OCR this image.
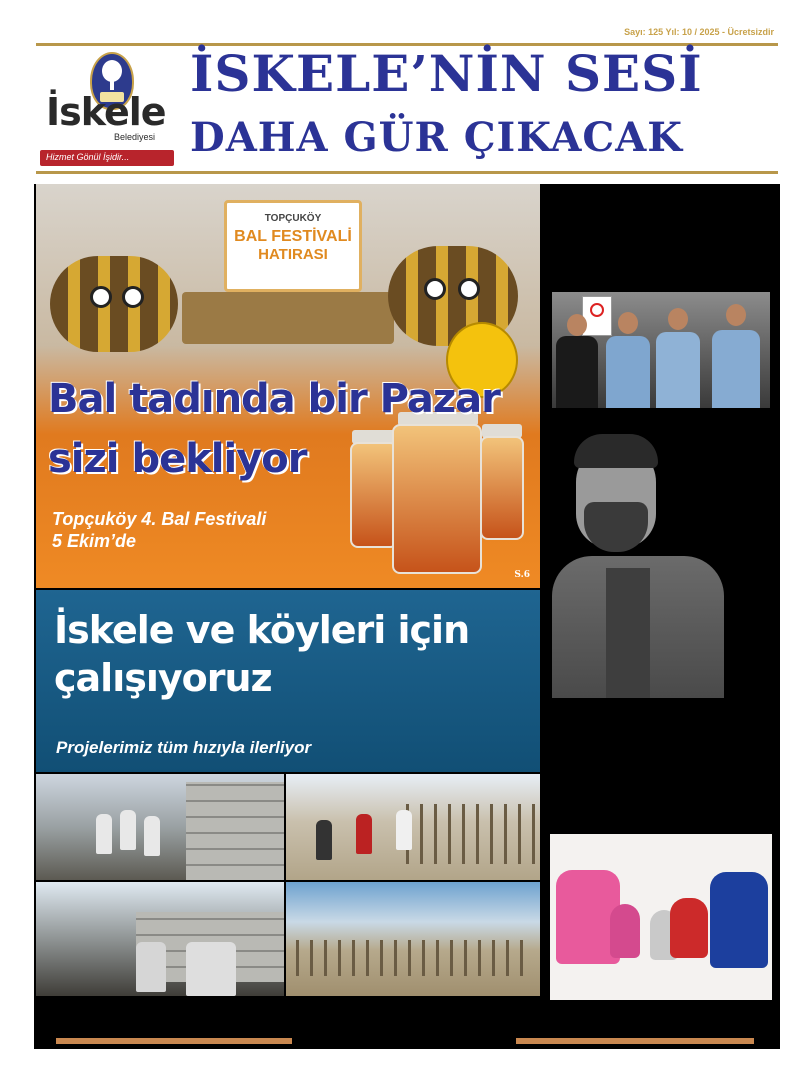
Sayı: 125 Yıl: 10 / 2025 - Ücretsizdir
İskele
Belediyesi
Hizmet Gönül İşidir...
İSKELE’NİN SESİ
DAHA GÜR ÇIKACAK
TOPÇUKÖY
BAL FESTİVALİ
HATIRASI
Bal tadında bir Pazar
sizi bekliyor
Topçuköy 4. Bal Festivali
5 Ekim’de
S.6
İskele ve köyleri için
çalışıyoruz
Projelerimiz tüm hızıyla ilerliyor
